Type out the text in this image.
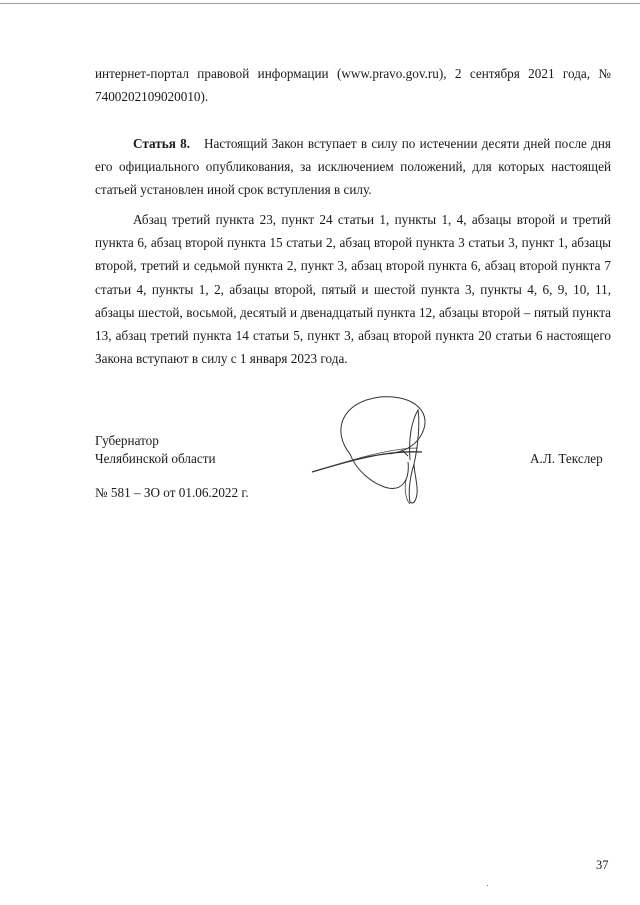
интернет-портал правовой информации (www.pravo.gov.ru), 2 сентября 2021 года, № 7400202109020010).

Статья 8. Настоящий Закон вступает в силу по истечении десяти дней после дня его официального опубликования, за исключением положений, для которых настоящей статьей установлен иной срок вступления в силу.

Абзац третий пункта 23, пункт 24 статьи 1, пункты 1, 4, абзацы второй и третий пункта 6, абзац второй пункта 15 статьи 2, абзац второй пункта 3 статьи 3, пункт 1, абзацы второй, третий и седьмой пункта 2, пункт 3, абзац второй пункта 6, абзац второй пункта 7 статьи 4, пункты 1, 2, абзацы второй, пятый и шестой пункта 3, пункты 4, 6, 9, 10, 11, абзацы шестой, восьмой, десятый и двенадцатый пункта 12, абзацы второй – пятый пункта 13, абзац третий пункта 14 статьи 5, пункт 3, абзац второй пункта 20 статьи 6 настоящего Закона вступают в силу с 1 января 2023 года.

Губернатор
Челябинской области	А.Л. Текслер
№ 581 – ЗО от 01.06.2022 г.
37
